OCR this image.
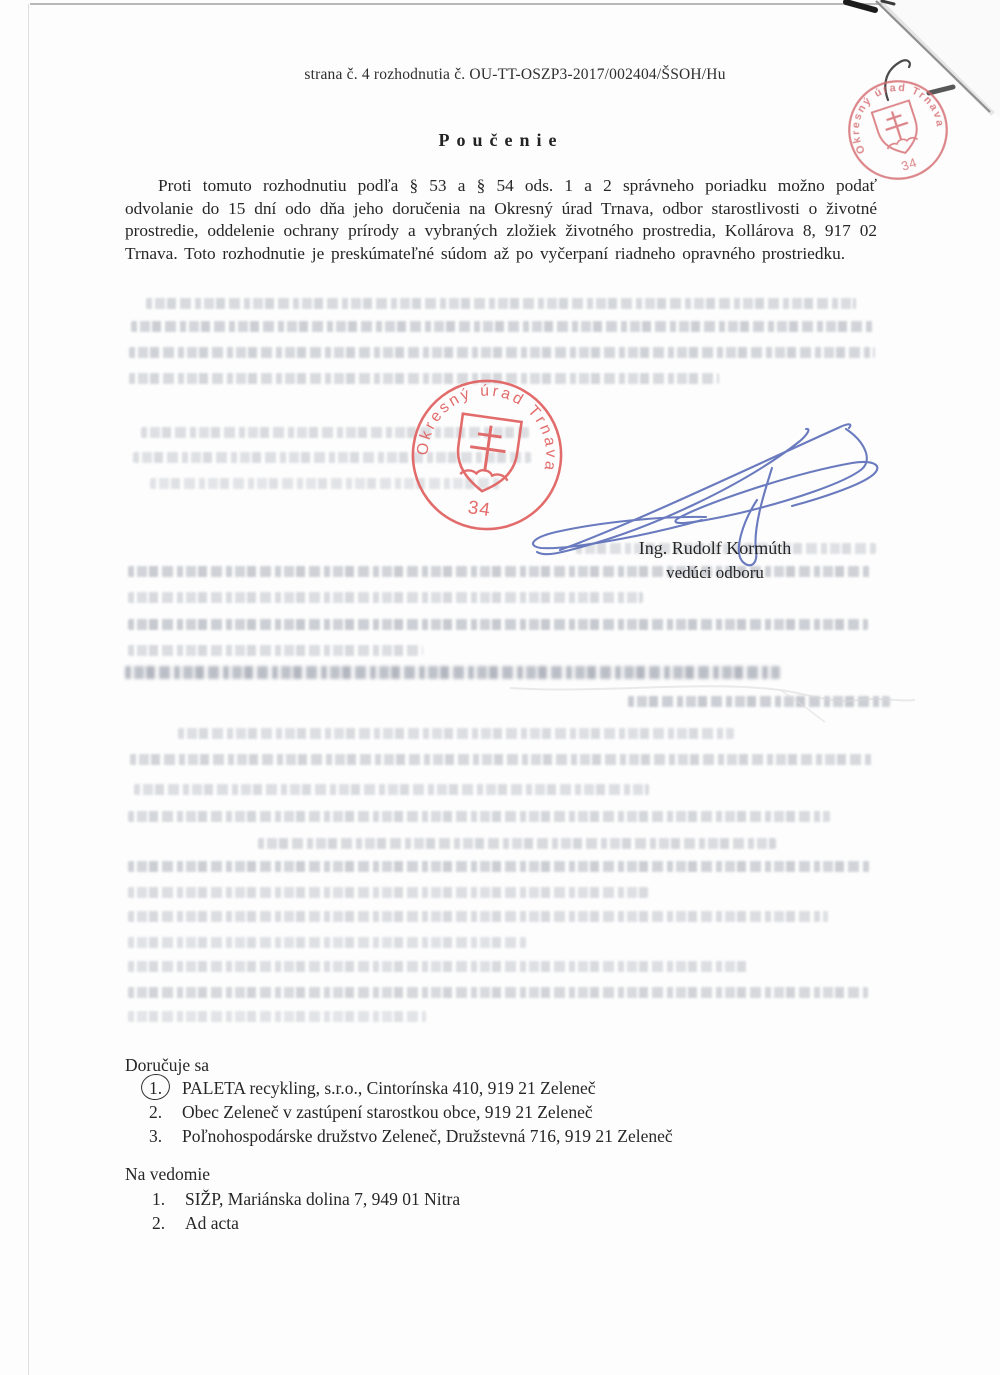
Okresný úrad Trnava
34
strana č. 4 rozhodnutia č. OU-TT-OSZP3-2017/002404/ŠSOH/Hu
Poučenie
Proti tomuto rozhodnutiu podľa § 53 a § 54 ods. 1 a 2 správneho poriadku možno podať odvolanie do 15 dní odo dňa jeho doručenia na Okresný úrad Trnava, odbor starostlivosti o životné prostredie, oddelenie ochrany prírody a vybraných zložiek životného prostredia, Kollárova 8, 917 02 Trnava. Toto rozhodnutie je preskúmateľné súdom až po vyčerpaní riadneho opravného prostriedku.
Okresný úrad Trnava
34
Ing. Rudolf Kormúth
vedúci odboru
Doručuje sa
1.	PALETA recykling, s.r.o., Cintorínska 410, 919 21 Zeleneč
2.	Obec Zeleneč v zastúpení starostkou obce, 919 21 Zeleneč
3.	Poľnohospodárske družstvo Zeleneč, Družstevná 716, 919 21 Zeleneč
Na vedomie
1.	SIŽP, Mariánska dolina 7, 949 01 Nitra
2.	Ad acta
